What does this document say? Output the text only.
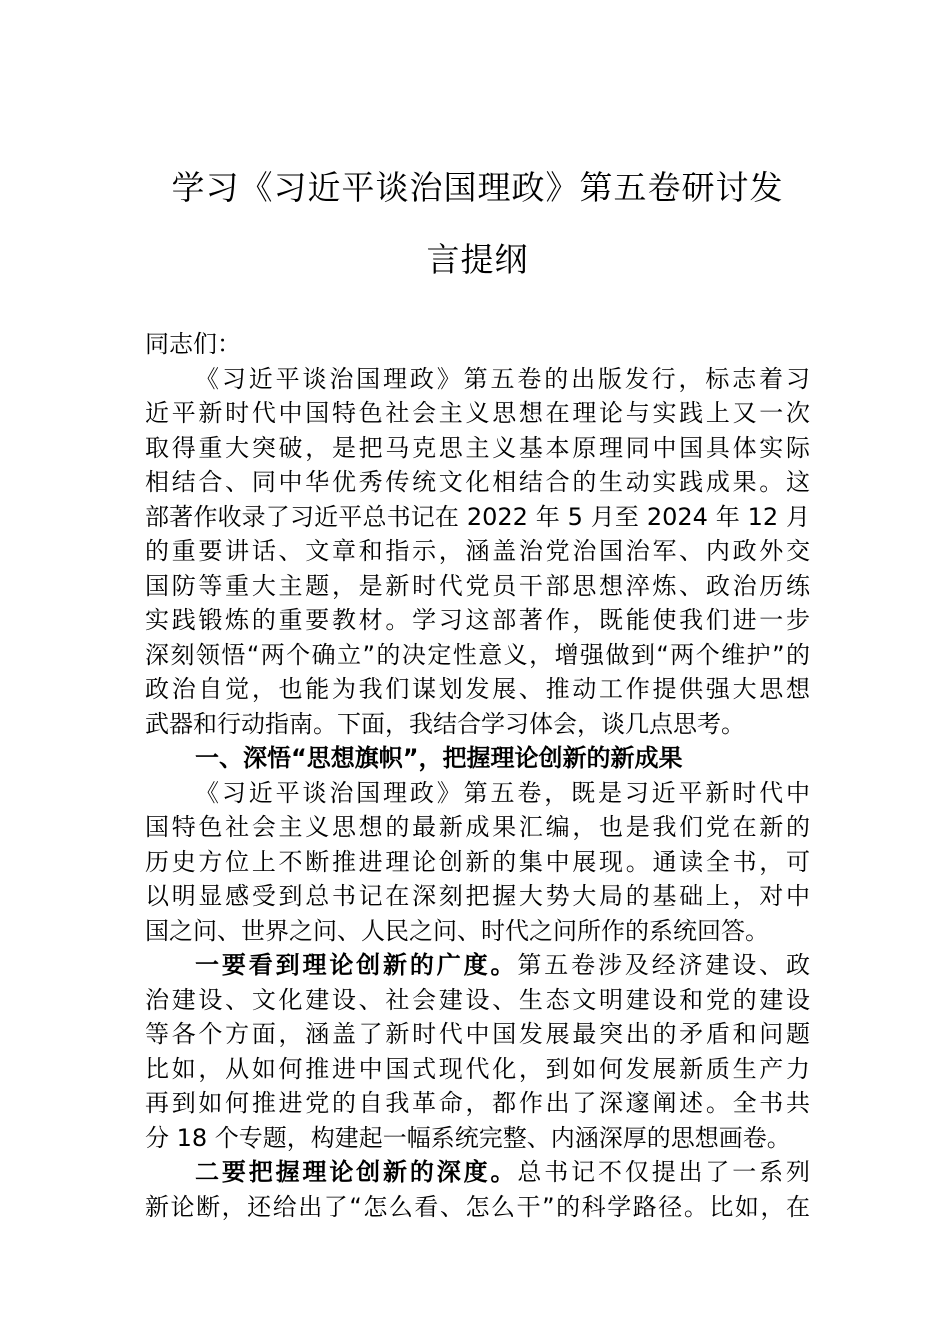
学习《习近平谈治国理政》第五卷研讨发
言提纲
同志们：
《习近平谈治国理政》第五卷的出版发行，标志着习
近平新时代中国特色社会主义思想在理论与实践上又一次
取得重大突破，是把马克思主义基本原理同中国具体实际
相结合、同中华优秀传统文化相结合的生动实践成果。这
部著作收录了习近平总书记在 2022 年 5 月至 2024 年 12 月
的重要讲话、文章和指示，涵盖治党治国治军、内政外交
国防等重大主题，是新时代党员干部思想淬炼、政治历练
实践锻炼的重要教材。学习这部著作，既能使我们进一步
深刻领悟“两个确立”的决定性意义，增强做到“两个维护”的
政治自觉，也能为我们谋划发展、推动工作提供强大思想
武器和行动指南。下面，我结合学习体会，谈几点思考。
一、深悟“思想旗帜”，把握理论创新的新成果
《习近平谈治国理政》第五卷，既是习近平新时代中
国特色社会主义思想的最新成果汇编，也是我们党在新的
历史方位上不断推进理论创新的集中展现。通读全书，可
以明显感受到总书记在深刻把握大势大局的基础上，对中
国之问、世界之问、人民之问、时代之问所作的系统回答。
一要看到理论创新的广度。第五卷涉及经济建设、政
治建设、文化建设、社会建设、生态文明建设和党的建设
等各个方面，涵盖了新时代中国发展最突出的矛盾和问题
比如，从如何推进中国式现代化，到如何发展新质生产力
再到如何推进党的自我革命，都作出了深邃阐述。全书共
分 18 个专题，构建起一幅系统完整、内涵深厚的思想画卷。
二要把握理论创新的深度。总书记不仅提出了一系列
新论断，还给出了“怎么看、怎么干”的科学路径。比如，在
